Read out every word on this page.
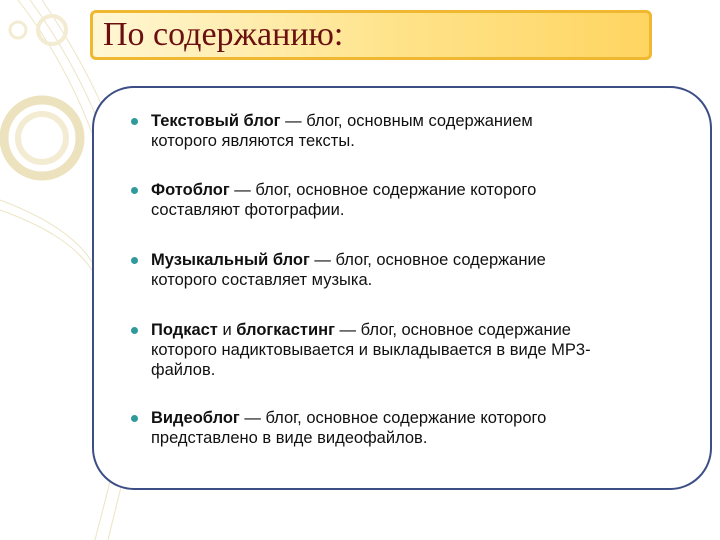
По содержанию:
Текстовый блог — блог, основным содержанием
которого являются тексты.
Фотоблог — блог, основное содержание которого
составляют фотографии.
Музыкальный блог — блог, основное содержание
которого составляет музыка.
Подкаст и блогкастинг — блог, основное содержание
которого надиктовывается и выкладывается в виде MP3-
файлов.
Видеоблог — блог, основное содержание которого
представлено в виде видеофайлов.
